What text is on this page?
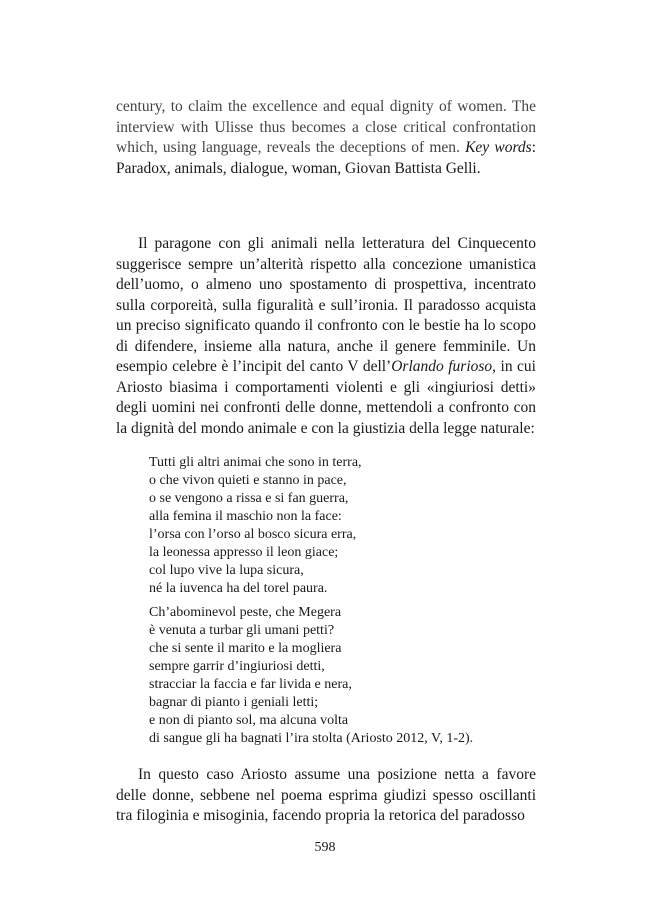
century, to claim the excellence and equal dignity of women. The interview with Ulisse thus becomes a close critical confrontation which, using language, reveals the deceptions of men. Key words: Paradox, animals, dialogue, woman, Giovan Battista Gelli.

Il paragone con gli animali nella letteratura del Cinquecento suggerisce sempre un’alterità rispetto alla concezione umanistica dell’uomo, o almeno uno spostamento di prospettiva, incentrato sulla corporeità, sulla figuralità e sull’ironia. Il paradosso acquista un preciso significato quando il confronto con le bestie ha lo scopo di difendere, insieme alla natura, anche il genere femminile. Un esempio celebre è l’incipit del canto V dell’Orlando furioso, in cui Ariosto biasima i comportamenti violenti e gli «ingiuriosi detti» degli uomini nei confronti delle donne, mettendoli a confronto con la dignità del mondo animale e con la giustizia della legge naturale:

Tutti gli altri animai che sono in terra,
o che vivon quieti e stanno in pace,
o se vengono a rissa e si fan guerra,
alla femina il maschio non la face:
l’orsa con l’orso al bosco sicura erra,
la leonessa appresso il leon giace;
col lupo vive la lupa sicura,
né la iuvenca ha del torel paura.
Ch’abominevol peste, che Megera
è venuta a turbar gli umani petti?
che si sente il marito e la mogliera
sempre garrir d’ingiuriosi detti,
stracciar la faccia e far livida e nera,
bagnar di pianto i geniali letti;
e non di pianto sol, ma alcuna volta
di sangue gli ha bagnati l’ira stolta (Ariosto 2012, V, 1-2).

In questo caso Ariosto assume una posizione netta a favore delle donne, sebbene nel poema esprima giudizi spesso oscillanti tra filoginia e misoginia, facendo propria la retorica del paradosso

598
